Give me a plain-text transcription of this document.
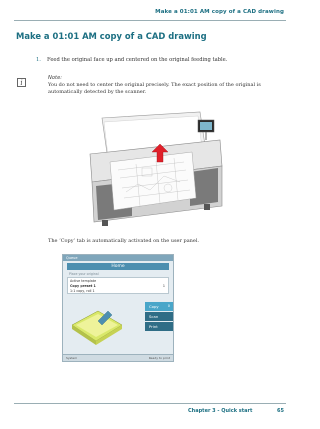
Make a 01:01 AM copy of a CAD drawing
Make a 01:01 AM copy of a CAD drawing
1. Feed the original face up and centered on the original feeding table.
i
Note:
You do not need to center the original precisely. The exact position of the original is automatically detected by the scanner.
The ‘Copy’ tab is automatically activated on the user panel.
Queue
Home
Place your original
Active template
Copy preset 1
1:1 copy, roll 1
1
Copy	0
Scan
Print
System	Ready to print
Chapter 3 - Quick start	65
